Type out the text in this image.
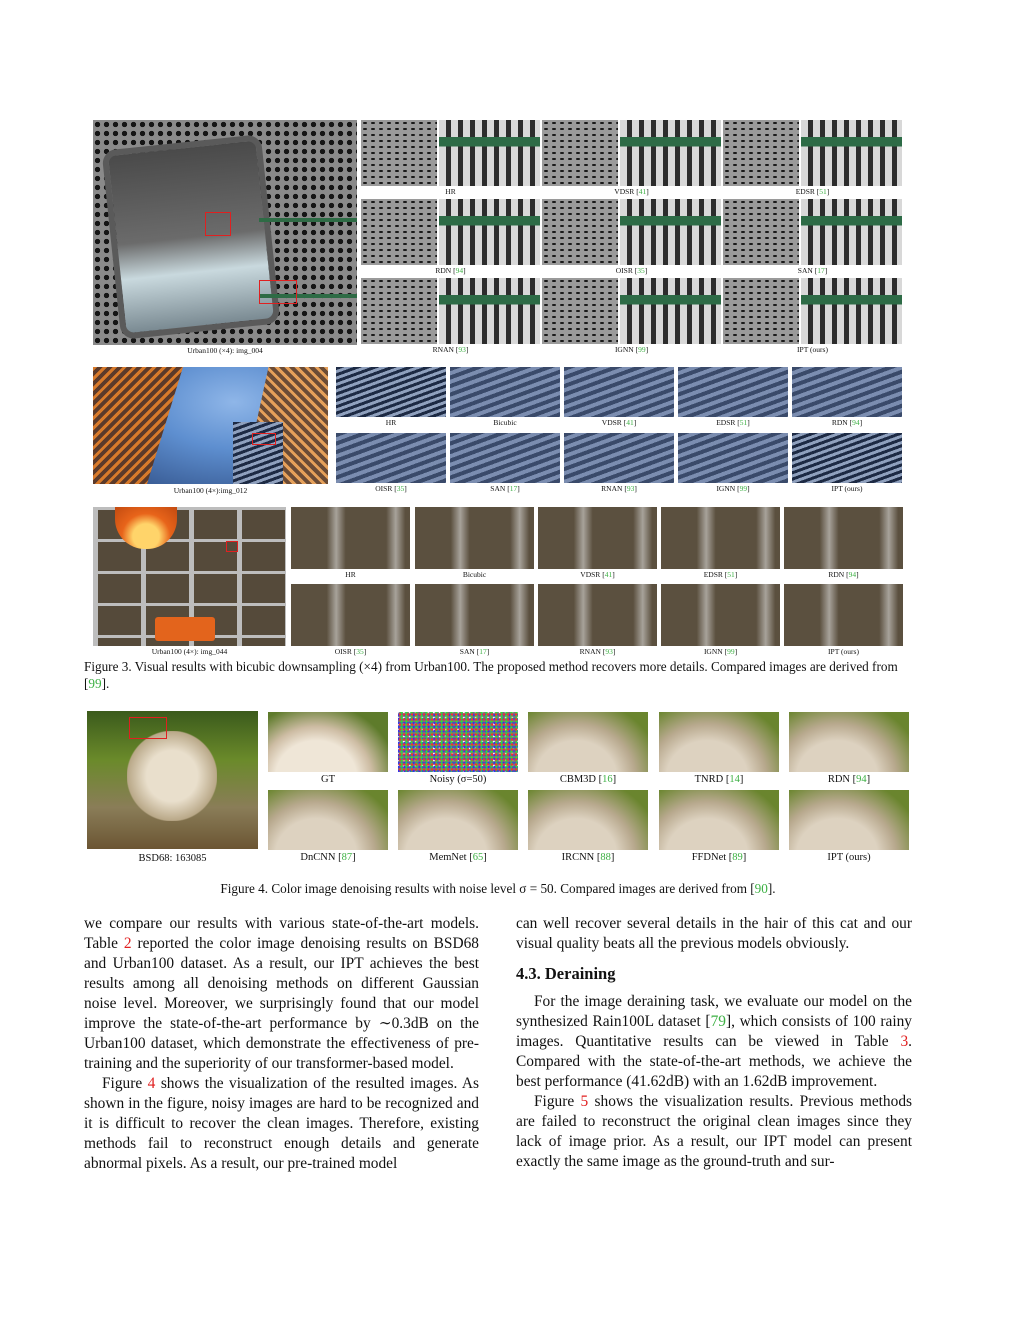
Urban100 (×4): img_004
HR	VDSR [41]	EDSR [51]
RDN [94]	OISR [35]	SAN [17]
RNAN [93]	IGNN [99]	IPT (ours)
Urban100 (4×):img_012
HR	Bicubic	VDSR [41]	EDSR [51]	RDN [94]
OISR [35]	SAN [17]	RNAN [93]	IGNN [99]	IPT (ours)
Urban100 (4×): img_044
HR	Bicubic	VDSR [41]	EDSR [51]	RDN [94]
OISR [35]	SAN [17]	RNAN [93]	IGNN [99]	IPT (ours)
Figure 3. Visual results with bicubic downsampling (×4) from Urban100. The proposed method recovers more details. Compared images are derived from [99].
BSD68: 163085
GT	Noisy (σ=50)	CBM3D [16]	TNRD [14]	RDN [94]
DnCNN [87]	MemNet [65]	IRCNN [88]	FFDNet [89]	IPT (ours)
Figure 4. Color image denoising results with noise level σ = 50. Compared images are derived from [90].

we compare our results with various state-of-the-art models. Table 2 reported the color image denoising results on BSD68 and Urban100 dataset. As a result, our IPT achieves the best results among all denoising methods on different Gaussian noise level. Moreover, we surprisingly found that our model improve the state-of-the-art performance by ∼0.3dB on the Urban100 dataset, which demonstrate the effectiveness of pre-training and the superiority of our transformer-based model.

Figure 4 shows the visualization of the resulted images. As shown in the figure, noisy images are hard to be recognized and it is difficult to recover the clean images. Therefore, existing methods fail to reconstruct enough details and generate abnormal pixels. As a result, our pre-trained model

can well recover several details in the hair of this cat and our visual quality beats all the previous models obviously.

4.3. Deraining

For the image deraining task, we evaluate our model on the synthesized Rain100L dataset [79], which consists of 100 rainy images. Quantitative results can be viewed in Table 3. Compared with the state-of-the-art methods, we achieve the best performance (41.62dB) with an 1.62dB improvement.

Figure 5 shows the visualization results. Previous methods are failed to reconstruct the original clean images since they lack of image prior. As a result, our IPT model can present exactly the same image as the ground-truth and sur-
